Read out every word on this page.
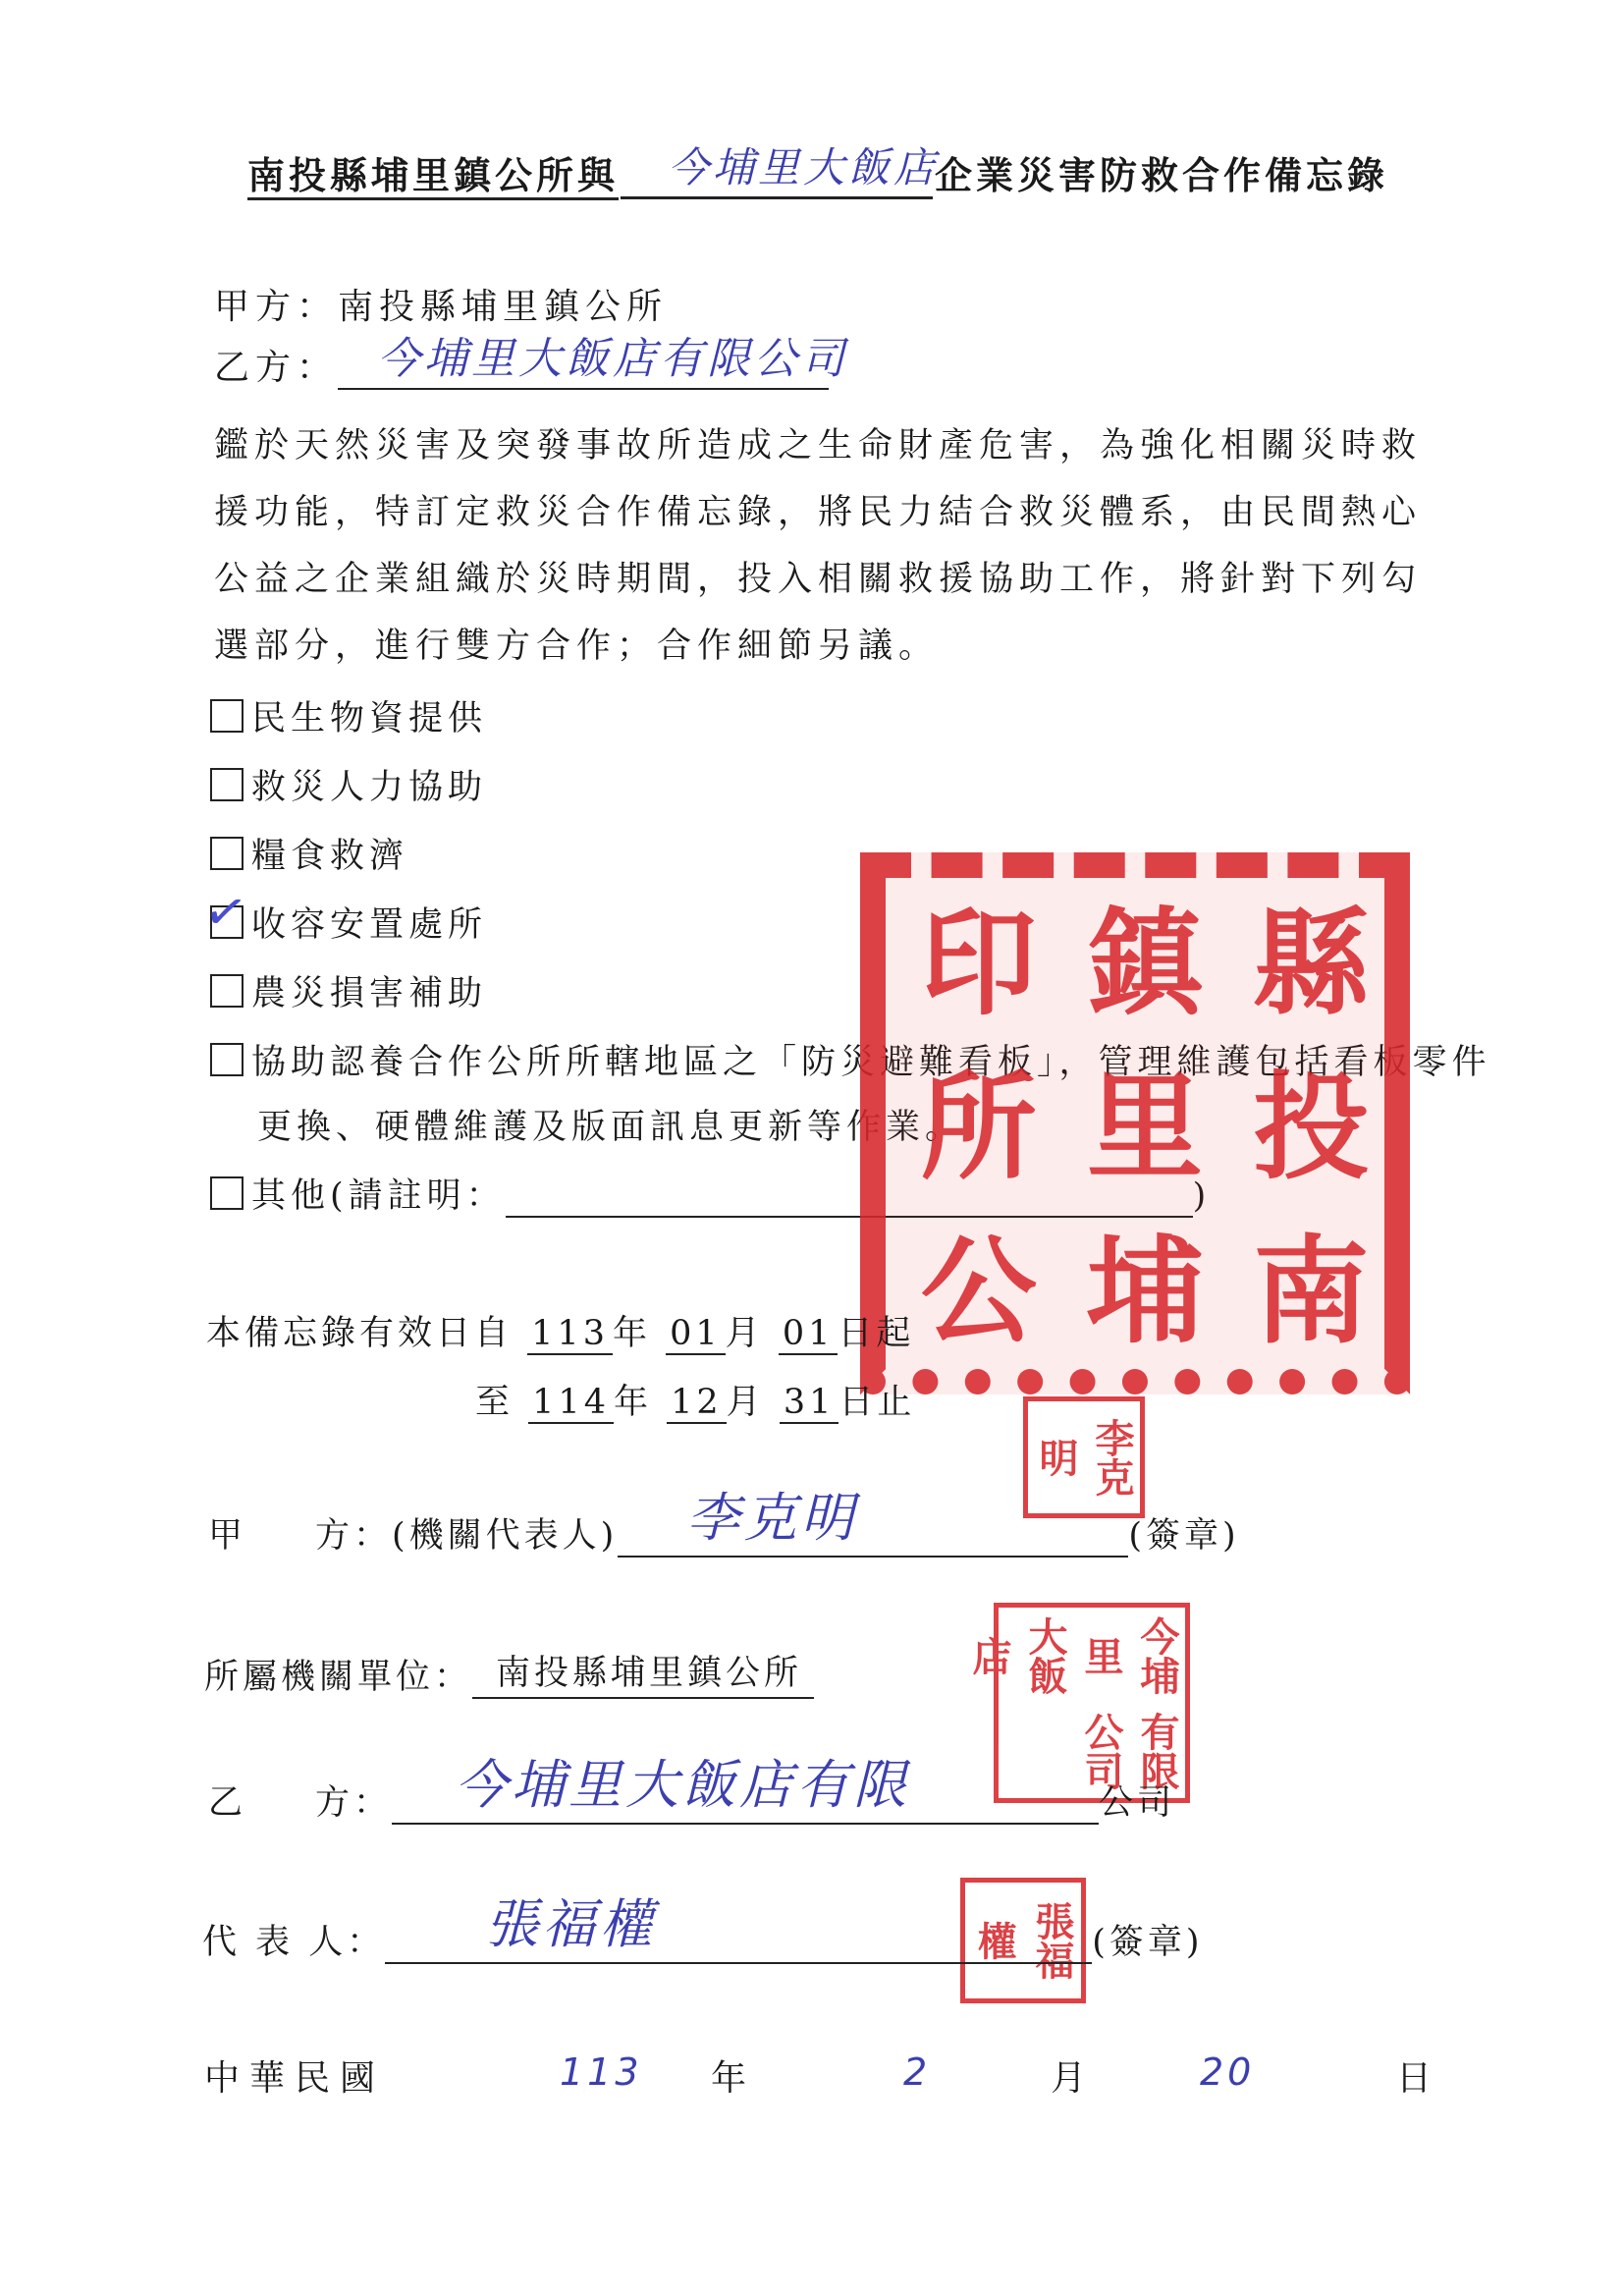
南投縣埔里鎮公所與 今埔里大飯店
企業災害防救合作備忘錄
甲方：南投縣埔里鎮公所
乙方： 今埔里大飯店有限公司
鑑於天然災害及突發事故所造成之生命財產危害，為強化相關災時救援功能，特訂定救災合作備忘錄，將民力結合救災體系，由民間熱心公益之企業組織於災時期間，投入相關救援協助工作，將針對下列勾選部分，進行雙方合作；合作細節另議。
民生物資提供
救災人力協助
糧食救濟
✓
收容安置處所
農災損害補助
協助認養合作公所所轄地區之「防災避難看板」，管理維護包括看板零件
更換、硬體維護及版面訊息更新等作業。
其他(請註明：	)
南
投
縣
埔
里
鎮
公
所
印
本備忘錄有效日自 113 年 01 月 01 日起
至 114 年 12 月 31 日止
李克
明
甲 方：(機關代表人) 李克明	(簽章)
所屬機關單位： 南投縣埔里鎮公所	今埔里
大飯店
有限公司
乙 方： 今埔里大飯店有限	公司
張福
權
代 表 人： 張福權	(簽章)
中華民國	113 年	2	月	20	日
